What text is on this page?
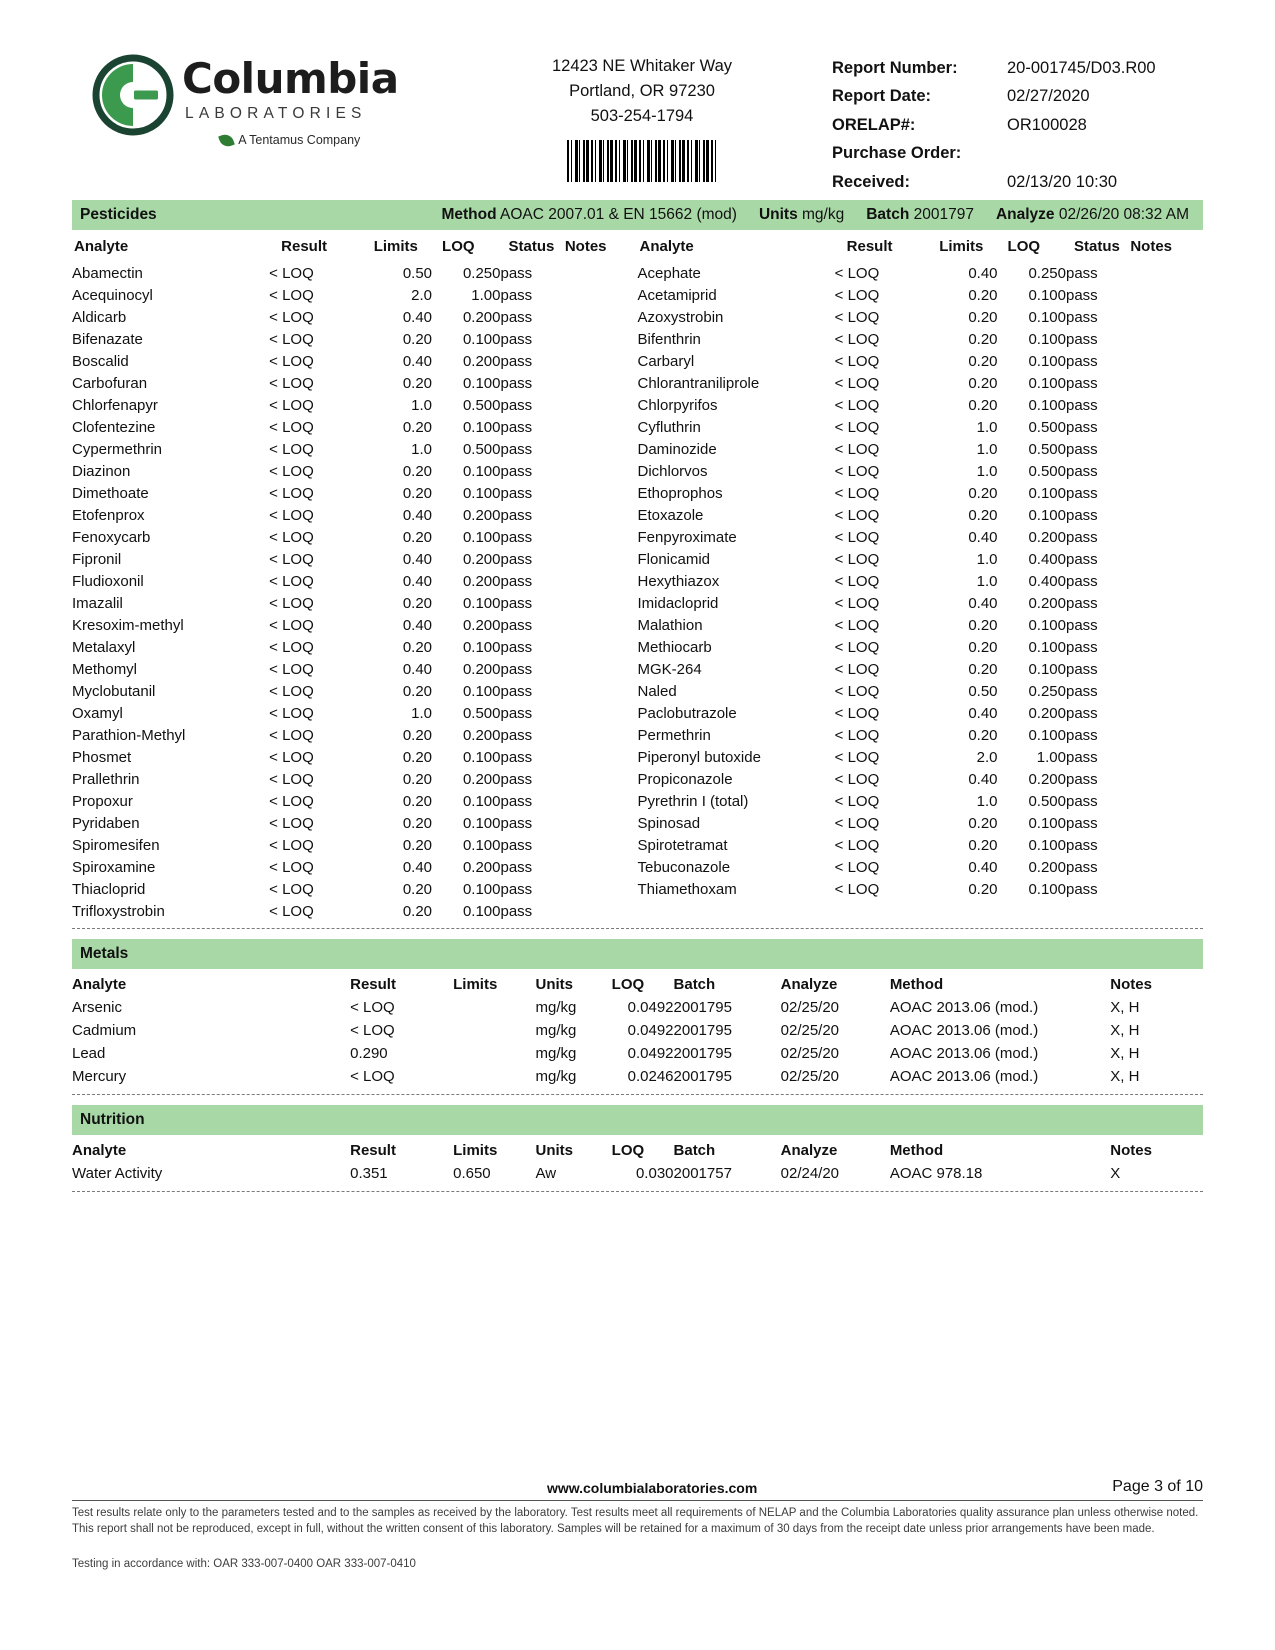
Columbia
LABORATORIES
A Tentamus Company
12423 NE Whitaker Way
Portland, OR 97230
503-254-1794
Report Number:	20-001745/D03.R00
Report Date:	02/27/2020
ORELAP#:	OR100028
Purchase Order:
Received:	02/13/20 10:30
Pesticides	Method AOAC 2007.01 & EN 15662 (mod) Units mg/kg Batch 2001797 Analyze 02/26/20 08:32 AM
Analyte	Result	Limits	LOQ	Status	Notes
Abamectin	< LOQ	0.50	0.250	pass	
Acequinocyl	< LOQ	2.0	1.00	pass	
Aldicarb	< LOQ	0.40	0.200	pass	
Bifenazate	< LOQ	0.20	0.100	pass	
Boscalid	< LOQ	0.40	0.200	pass	
Carbofuran	< LOQ	0.20	0.100	pass	
Chlorfenapyr	< LOQ	1.0	0.500	pass	
Clofentezine	< LOQ	0.20	0.100	pass	
Cypermethrin	< LOQ	1.0	0.500	pass	
Diazinon	< LOQ	0.20	0.100	pass	
Dimethoate	< LOQ	0.20	0.100	pass	
Etofenprox	< LOQ	0.40	0.200	pass	
Fenoxycarb	< LOQ	0.20	0.100	pass	
Fipronil	< LOQ	0.40	0.200	pass	
Fludioxonil	< LOQ	0.40	0.200	pass	
Imazalil	< LOQ	0.20	0.100	pass	
Kresoxim-methyl	< LOQ	0.40	0.200	pass	
Metalaxyl	< LOQ	0.20	0.100	pass	
Methomyl	< LOQ	0.40	0.200	pass	
Myclobutanil	< LOQ	0.20	0.100	pass	
Oxamyl	< LOQ	1.0	0.500	pass	
Parathion-Methyl	< LOQ	0.20	0.200	pass	
Phosmet	< LOQ	0.20	0.100	pass	
Prallethrin	< LOQ	0.20	0.200	pass	
Propoxur	< LOQ	0.20	0.100	pass	
Pyridaben	< LOQ	0.20	0.100	pass	
Spiromesifen	< LOQ	0.20	0.100	pass	
Spiroxamine	< LOQ	0.40	0.200	pass	
Thiacloprid	< LOQ	0.20	0.100	pass	
Trifloxystrobin	< LOQ	0.20	0.100	pass	
Analyte	Result	Limits	LOQ	Status	Notes
Acephate	< LOQ	0.40	0.250	pass	
Acetamiprid	< LOQ	0.20	0.100	pass	
Azoxystrobin	< LOQ	0.20	0.100	pass	
Bifenthrin	< LOQ	0.20	0.100	pass	
Carbaryl	< LOQ	0.20	0.100	pass	
Chlorantraniliprole	< LOQ	0.20	0.100	pass	
Chlorpyrifos	< LOQ	0.20	0.100	pass	
Cyfluthrin	< LOQ	1.0	0.500	pass	
Daminozide	< LOQ	1.0	0.500	pass	
Dichlorvos	< LOQ	1.0	0.500	pass	
Ethoprophos	< LOQ	0.20	0.100	pass	
Etoxazole	< LOQ	0.20	0.100	pass	
Fenpyroximate	< LOQ	0.40	0.200	pass	
Flonicamid	< LOQ	1.0	0.400	pass	
Hexythiazox	< LOQ	1.0	0.400	pass	
Imidacloprid	< LOQ	0.40	0.200	pass	
Malathion	< LOQ	0.20	0.100	pass	
Methiocarb	< LOQ	0.20	0.100	pass	
MGK-264	< LOQ	0.20	0.100	pass	
Naled	< LOQ	0.50	0.250	pass	
Paclobutrazole	< LOQ	0.40	0.200	pass	
Permethrin	< LOQ	0.20	0.100	pass	
Piperonyl butoxide	< LOQ	2.0	1.00	pass	
Propiconazole	< LOQ	0.40	0.200	pass	
Pyrethrin I (total)	< LOQ	1.0	0.500	pass	
Spinosad	< LOQ	0.20	0.100	pass	
Spirotetramat	< LOQ	0.20	0.100	pass	
Tebuconazole	< LOQ	0.40	0.200	pass	
Thiamethoxam	< LOQ	0.20	0.100	pass	
Metals
Analyte	Result	Limits	Units	LOQ	Batch	Analyze	Method	Notes
Arsenic	< LOQ		mg/kg	0.0492	2001795	02/25/20	AOAC 2013.06 (mod.)	X, H
Cadmium	< LOQ		mg/kg	0.0492	2001795	02/25/20	AOAC 2013.06 (mod.)	X, H
Lead	0.290		mg/kg	0.0492	2001795	02/25/20	AOAC 2013.06 (mod.)	X, H
Mercury	< LOQ		mg/kg	0.0246	2001795	02/25/20	AOAC 2013.06 (mod.)	X, H
Nutrition
Analyte	Result	Limits	Units	LOQ	Batch	Analyze	Method	Notes
Water Activity	0.351	0.650	Aw	0.030	2001757	02/24/20	AOAC 978.18	X
www.columbialaboratories.com	Page 3 of 10
Test results relate only to the parameters tested and to the samples as received by the laboratory. Test results meet all requirements of NELAP and the Columbia Laboratories quality assurance plan unless otherwise noted. This report shall not be reproduced, except in full, without the written consent of this laboratory. Samples will be retained for a maximum of 30 days from the receipt date unless prior arrangements have been made.
Testing in accordance with: OAR 333-007-0400 OAR 333-007-0410
